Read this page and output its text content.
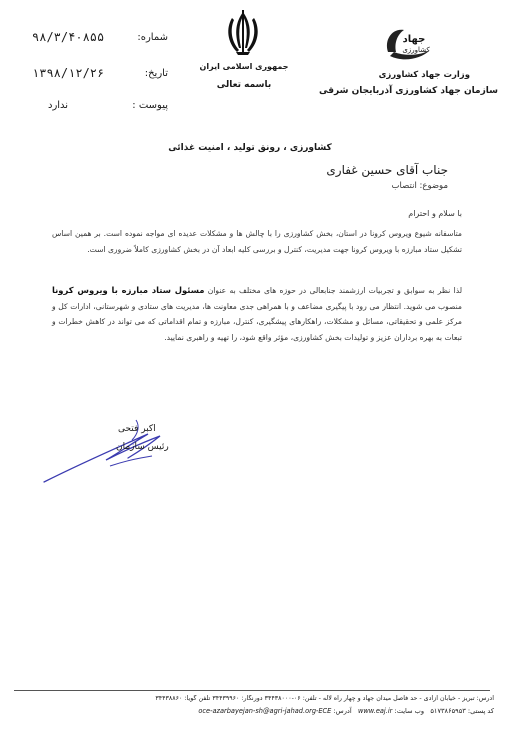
شماره:
۹۸/۳/۴۰۸۵۵
تاریخ:
۱۳۹۸/۱۲/۲۶
پیوست :
ندارد
جمهوری اسلامی ایران
باسمه تعالی
جهاد
کشاورزی
وزارت جهاد کشاورزی
سازمان جهاد کشاورزی آذربایجان شرقی
کشاورزی ، رونق تولید ، امنیت غذائی
جناب آقای حسین غفاری
موضوع: انتصاب
با سلام و احترام
متاسفانه شیوع ویروس کرونا در استان، بخش کشاورزی را با چالش ها و مشکلات عدیده ای مواجه نموده است. بر همین اساس تشکیل ستاد مبارزه با ویروس کرونا جهت مدیریت، کنترل و بررسی کلیه ابعاد آن در بخش کشاورزی کاملاً ضروری است.
لذا نظر به سوابق و تجربیات ارزشمند جنابعالی در حوزه های مختلف به عنوان مسئول ستاد مبارزه با ویروس کرونا منصوب می شوید. انتظار می رود با پیگیری مضاعف و با همراهی جدی معاونت ها، مدیریت های ستادی و شهرستانی، ادارات کل و مرکز علمی و تحقیقاتی، مسائل و مشکلات، راهکارهای پیشگیری، کنترل، مبارزه و تمام اقداماتی که می تواند در کاهش خطرات و تبعات به بهره برداران عزیز و تولیدات بخش کشاورزی، مؤثر واقع شود، را تهیه و راهبری نمایید.
اکبر فتحی
رئیس سازمان
آدرس: تبریز - خیابان آزادی - حد فاصل میدان جهاد و چهار راه لاله - تلفن: ۰۶-۳۴۴۳۸۰۰۰ دورنگار: ۳۴۴۳۹۹۶۰ تلفن گویا: ۳۴۴۳۸۸۶۰
کد پستی: ۵۱۷۳۸۶۵۹۵۳   وب سایت: www.eaj.ir   آدرس: oce-azarbayejan-sh@agri-jahad.org-ECE
